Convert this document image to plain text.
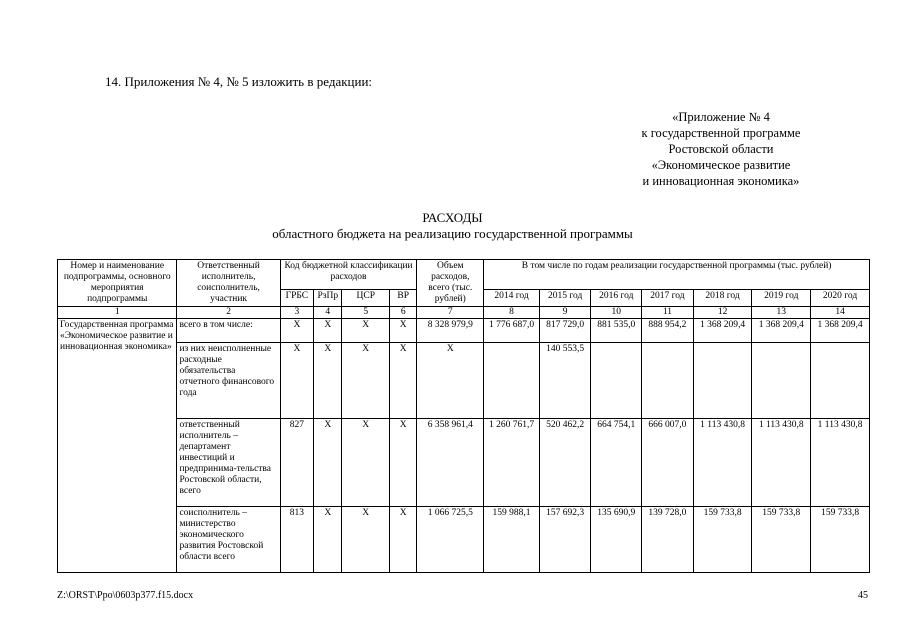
14. Приложения № 4, № 5 изложить в редакции:
«Приложение № 4
к государственной программе
Ростовской области
«Экономическое развитие
и инновационная экономика»
РАСХОДЫ
областного бюджета на реализацию государственной программы
Номер и наименование подпрограммы, основного мероприятия подпрограммы	Ответственный исполнитель, соисполнитель, участник	Код бюджетной классификации расходов				Объем расходов, всего (тыс. рублей)	В том числе по годам реализации государственной программы (тыс. рублей)						
		ГРБС	РзПр	ЦСР	ВР		2014 год	2015 год	2016 год	2017 год	2018 год	2019 год	2020 год
1	2	3	4	5	6	7	8	9	10	11	12	13	14
Государственная программа «Экономическое развитие и инновационная экономика»	всего в том числе:	Х	Х	Х	Х	8 328 979,9	1 776 687,0	817 729,0	881 535,0	888 954,2	1 368 209,4	1 368 209,4	1 368 209,4
	из них неисполненные расходные обязательства отчетного финансового года	Х	Х	Х	Х	Х		140 553,5					
	ответственный исполнитель – департамент инвестиций и предпринима-тельства Ростовской области, всего	827	Х	Х	Х	6 358 961,4	1 260 761,7	520 462,2	664 754,1	666 007,0	1 113 430,8	1 113 430,8	1 113 430,8
	соисполнитель – министерство экономического развития Ростовской области всего	813	Х	Х	Х	1 066 725,5	159 988,1	157 692,3	135 690,9	139 728,0	159 733,8	159 733,8	159 733,8
Z:\ORST\Ppo\0603p377.f15.docx	45
